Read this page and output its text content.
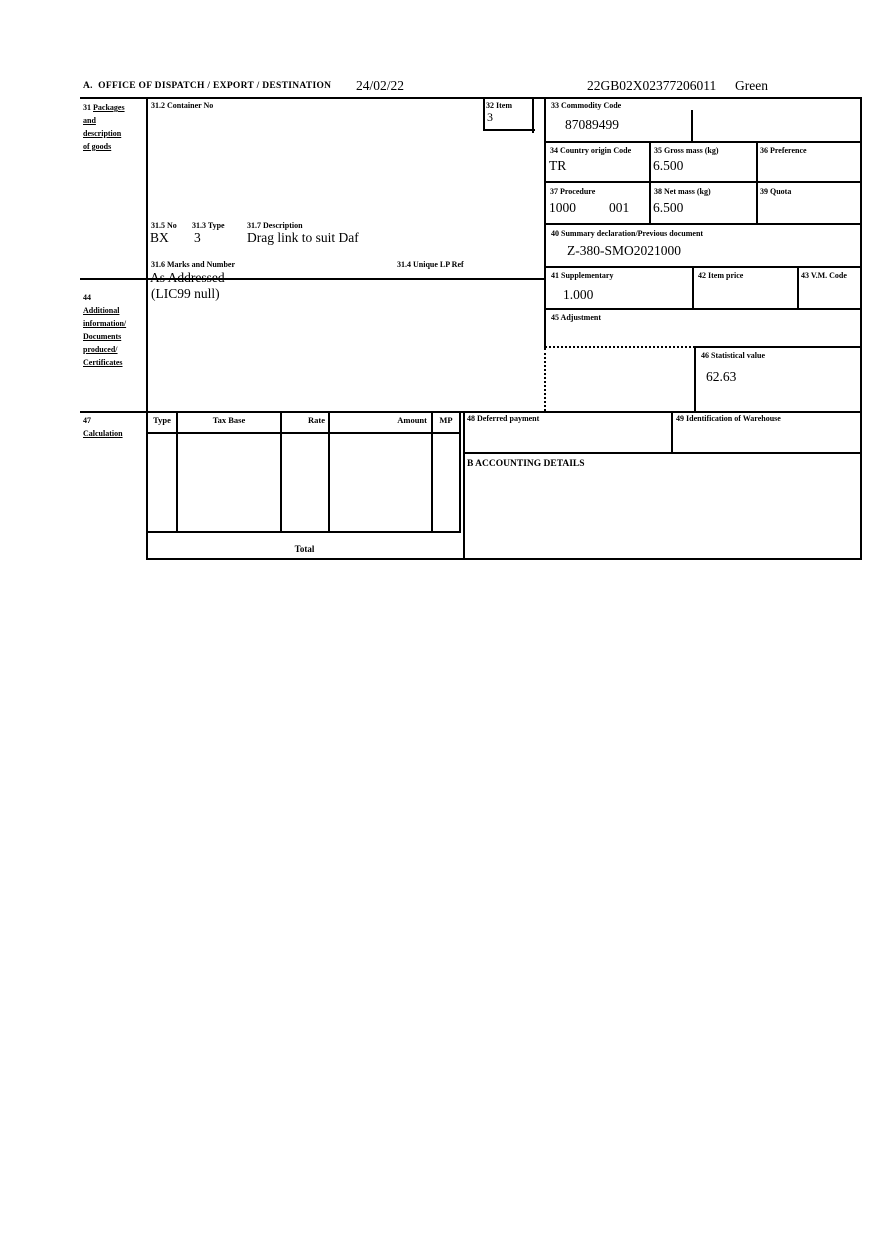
A.  OFFICE OF DISPATCH / EXPORT / DESTINATION 24/02/22	22GB02X02377206011 Green
31 Packages
and
description
of goods
44
Additional
information/
Documents
produced/
Certificates
47
Calculation
31.2 Container No	32 Item
3
31.5 No 31.3 Type	31.7 Description
BX 3	Drag link to suit Daf
31.6 Marks and Number	31.4 Unique LP Ref
As Addressed
(LIC99 null)
33 Commodity Code
87089499
34 Country origin Code
TR
35 Gross mass (kg)
6.500
36 Preference
37 Procedure
1000 001
38 Net mass (kg)
6.500
39 Quota
40 Summary declaration/Previous document
Z-380-SMO2021000
41 Supplementary
1.000
42 Item price	43 V.M. Code
45 Adjustment
46 Statistical value
62.63
Type	Tax Base	Rate	Amount	MP
Total
48 Deferred payment	49 Identification of Warehouse
B ACCOUNTING DETAILS
